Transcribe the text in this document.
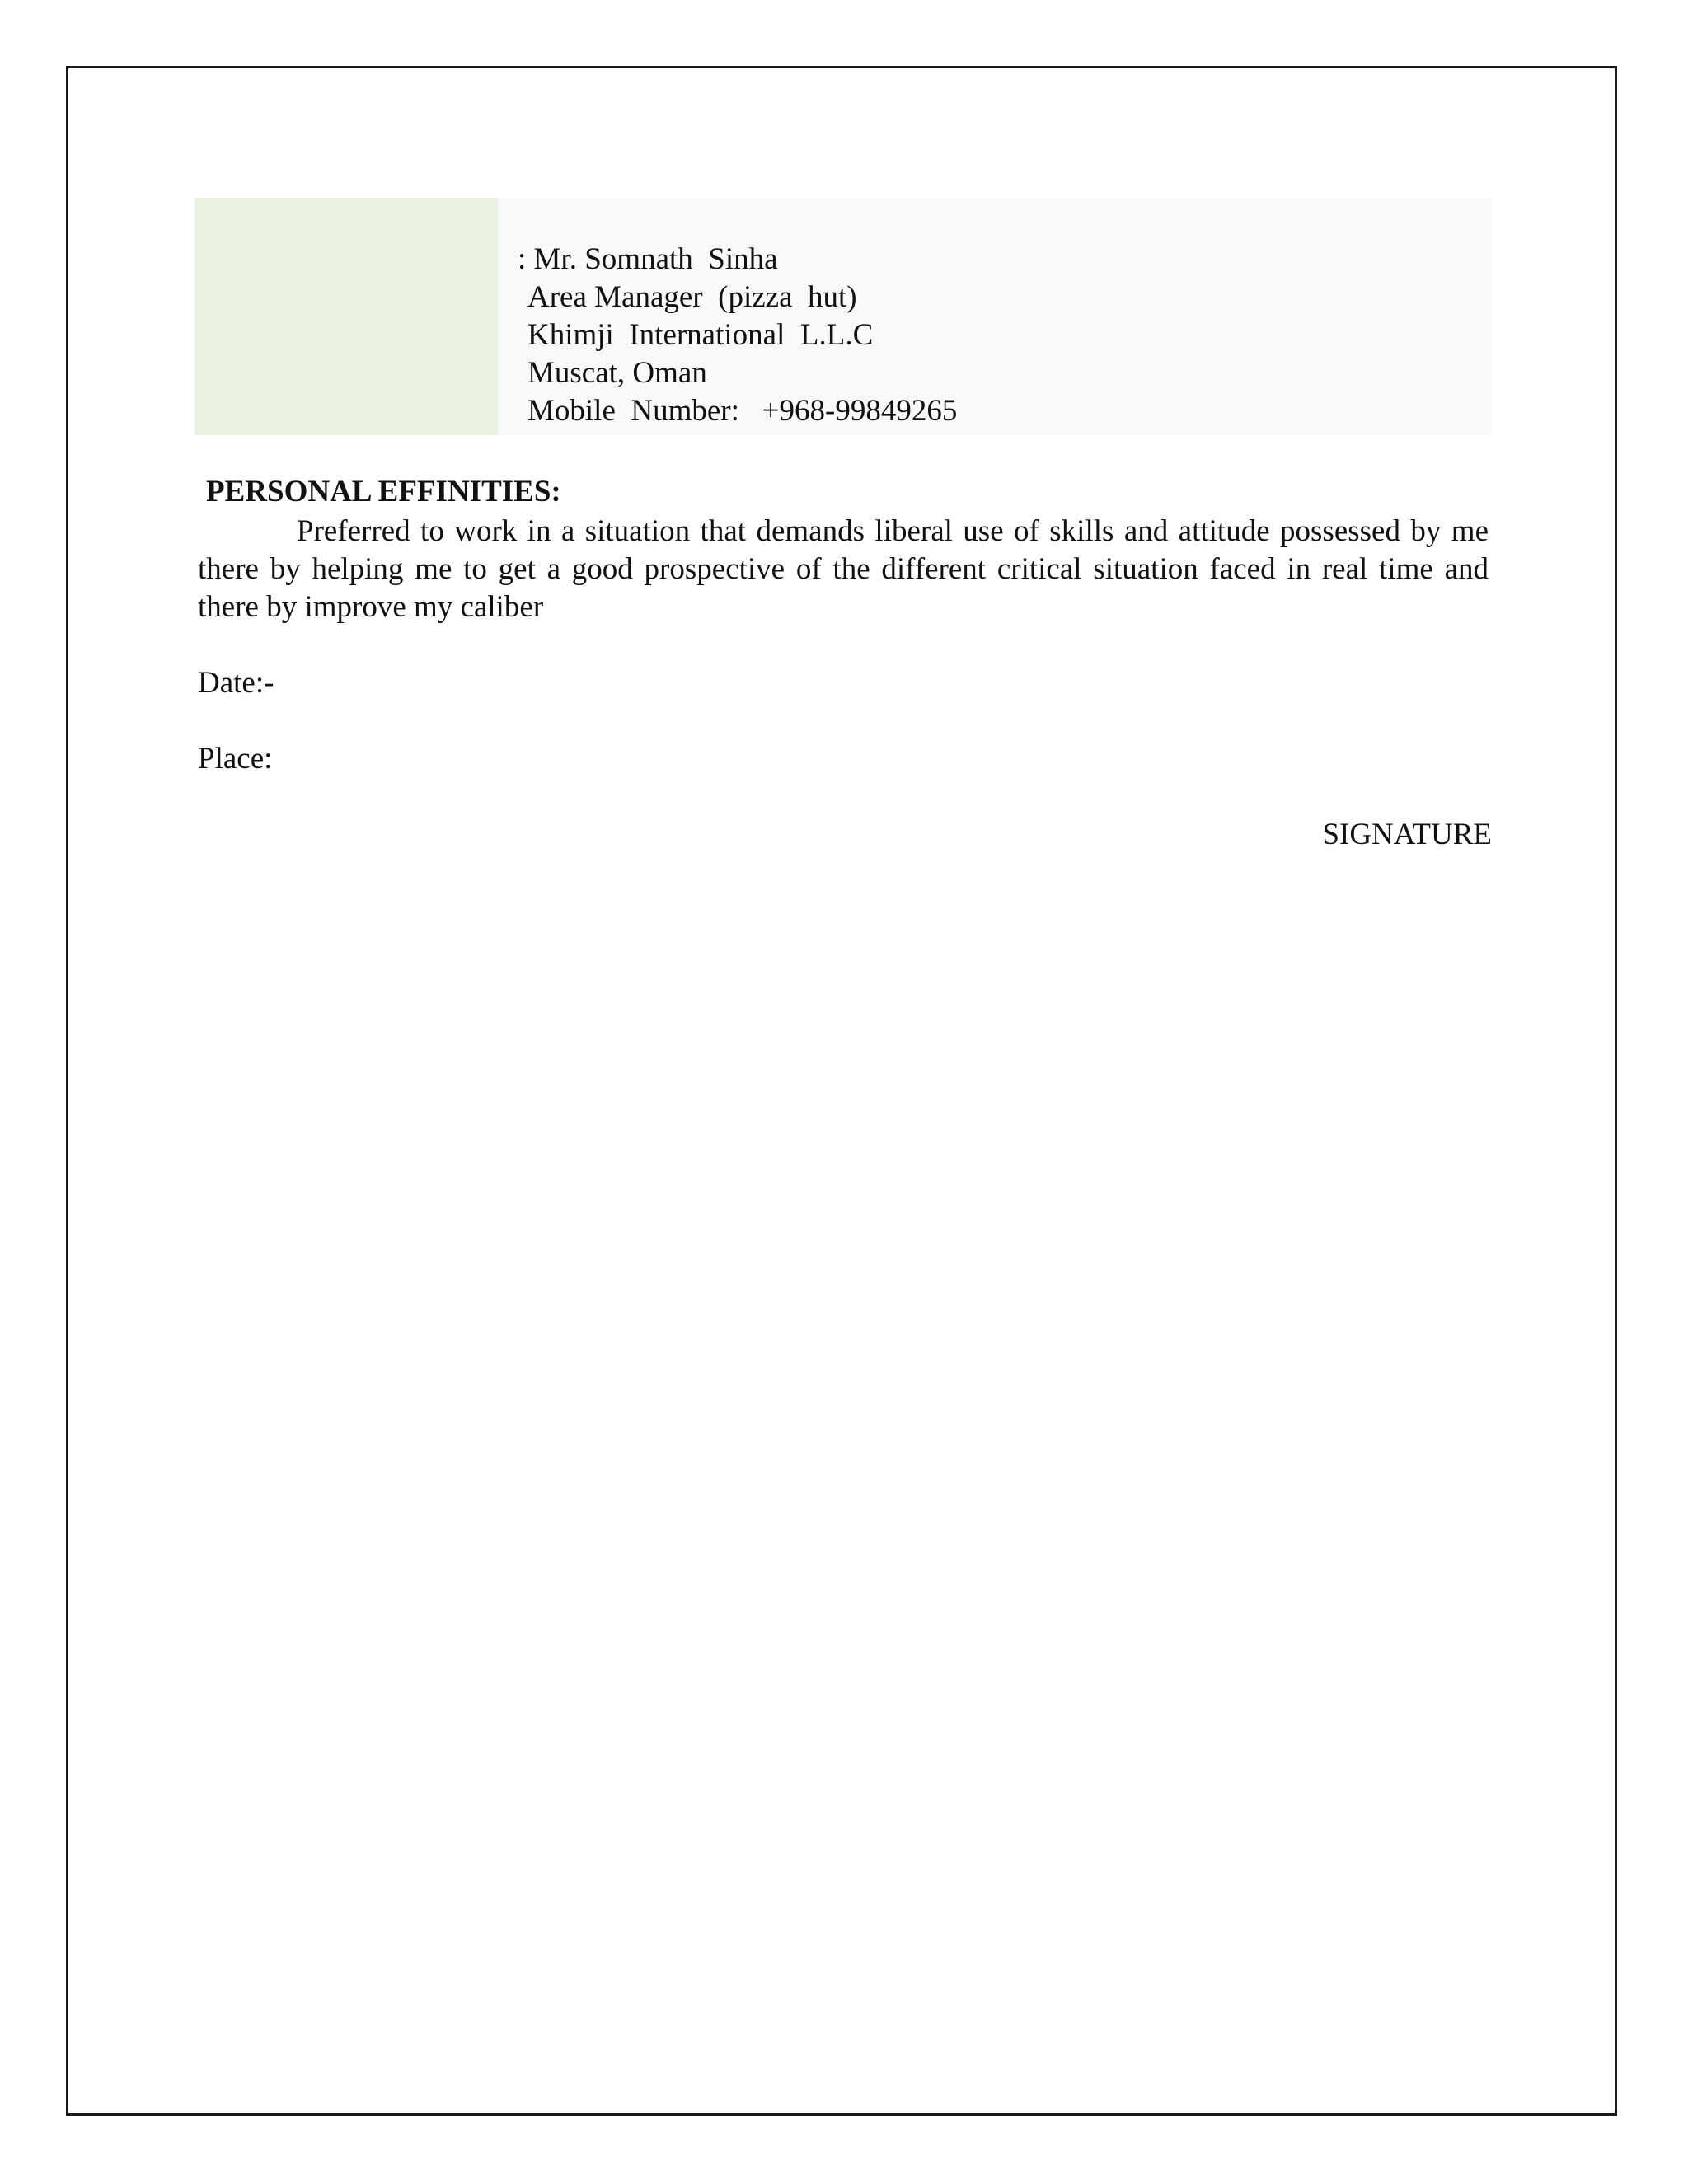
: Mr. Somnath  Sinha
Area Manager  (pizza  hut)
Khimji  International  L.L.C
Muscat, Oman
Mobile  Number:   +968-99849265
PERSONAL EFFINITIES:

Preferred to work in a situation that demands liberal use of skills and attitude possessed by me there by helping me to get a good prospective of the different critical situation faced in real time and there by improve my caliber

Date:-
Place:
SIGNATURE
